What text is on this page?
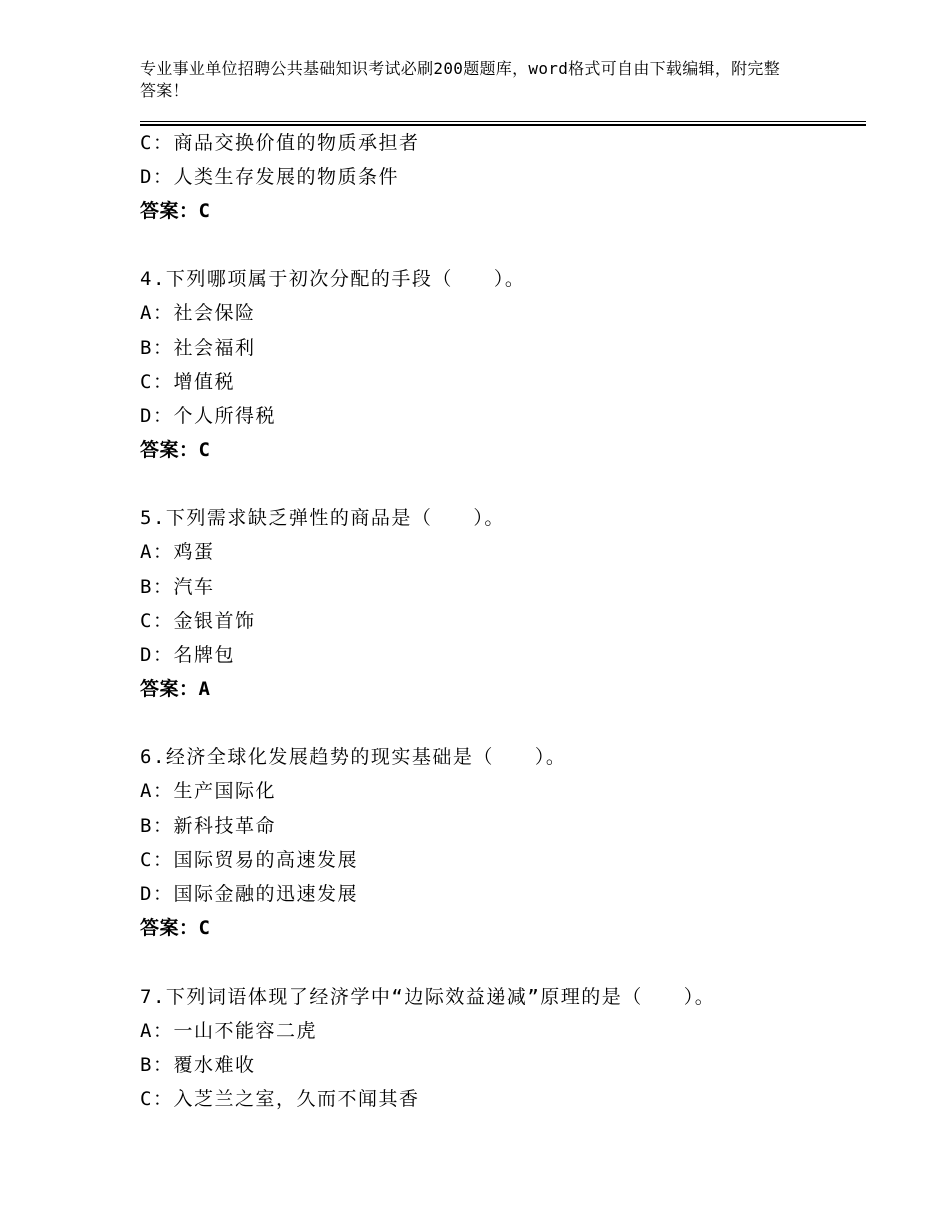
专业事业单位招聘公共基础知识考试必刷200题题库，word格式可自由下载编辑，附完整答案！
C：商品交换价值的物质承担者
D：人类生存发展的物质条件
答案：C
4.下列哪项属于初次分配的手段（　　）。
A：社会保险
B：社会福利
C：增值税
D：个人所得税
答案：C
5.下列需求缺乏弹性的商品是（　　）。
A：鸡蛋
B：汽车
C：金银首饰
D：名牌包
答案：A
6.经济全球化发展趋势的现实基础是（　　）。
A：生产国际化
B：新科技革命
C：国际贸易的高速发展
D：国际金融的迅速发展
答案：C
7.下列词语体现了经济学中“边际效益递减”原理的是（　　）。
A：一山不能容二虎
B：覆水难收
C：入芝兰之室，久而不闻其香
